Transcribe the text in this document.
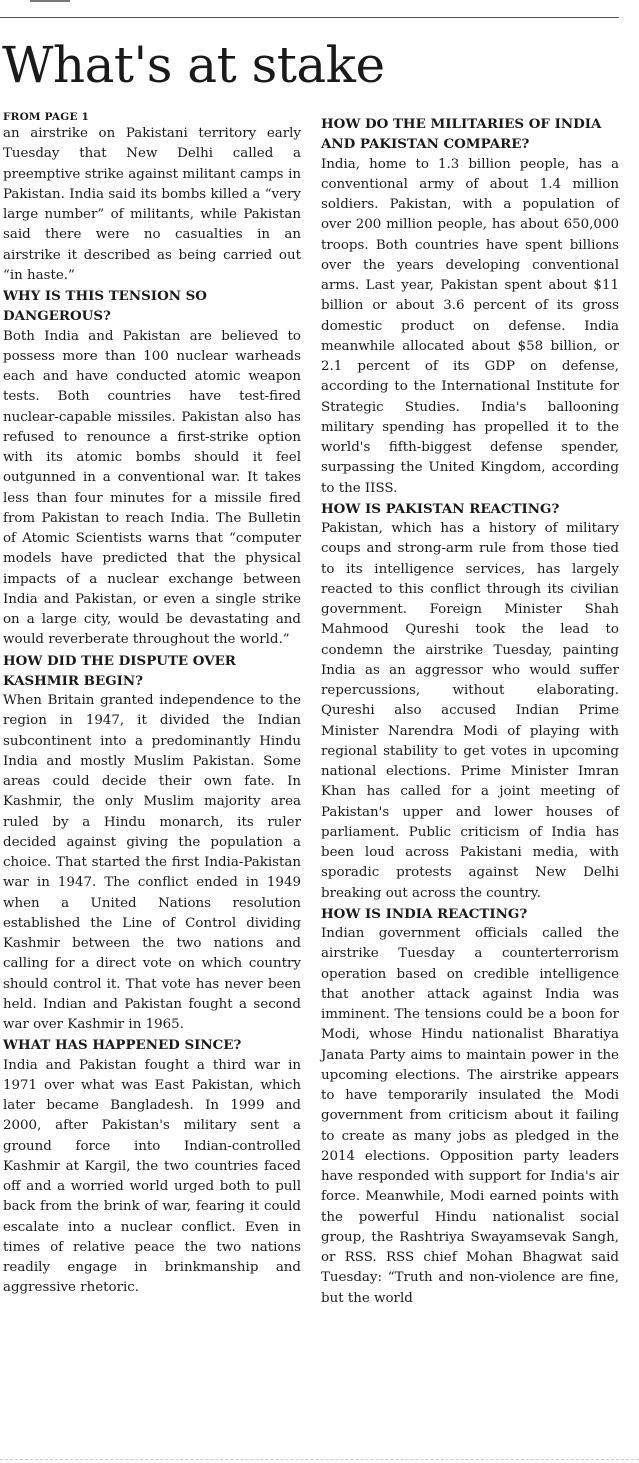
What's at stake

FROM PAGE 1

an airstrike on Pakistani territory early Tuesday that New Delhi called a preemptive strike against militant camps in Pakistan. India said its bombs killed a “very large number” of militants, while Pakistan said there were no casualties in an airstrike it described as being carried out “in haste.”

WHY IS THIS TENSION SO DANGEROUS?

Both India and Pakistan are believed to possess more than 100 nuclear warheads each and have conducted atomic weapon tests. Both countries have test-fired nuclear-capable missiles. Pakistan also has refused to renounce a first-strike option with its atomic bombs should it feel outgunned in a conventional war. It takes less than four minutes for a missile fired from Pakistan to reach India. The Bulletin of Atomic Scientists warns that “computer models have predicted that the physical impacts of a nuclear exchange between India and Pakistan, or even a single strike on a large city, would be devastating and would reverberate throughout the world.”

HOW DID THE DISPUTE OVER KASHMIR BEGIN?

When Britain granted independence to the region in 1947, it divided the Indian subcontinent into a predominantly Hindu India and mostly Muslim Pakistan. Some areas could decide their own fate. In Kashmir, the only Muslim majority area ruled by a Hindu monarch, its ruler decided against giving the population a choice. That started the first India-Pakistan war in 1947. The conflict ended in 1949 when a United Nations resolution established the Line of Control dividing Kashmir between the two nations and calling for a direct vote on which country should control it. That vote has never been held. Indian and Pakistan fought a second war over Kashmir in 1965.

WHAT HAS HAPPENED SINCE?

India and Pakistan fought a third war in 1971 over what was East Pakistan, which later became Bangladesh. In 1999 and 2000, after Pakistan's military sent a ground force into Indian-controlled Kashmir at Kargil, the two countries faced off and a worried world urged both to pull back from the brink of war, fearing it could escalate into a nuclear conflict. Even in times of relative peace the two nations readily engage in brinkmanship and aggressive rhetoric.

HOW DO THE MILITARIES OF INDIA AND PAKISTAN COMPARE?

India, home to 1.3 billion people, has a conventional army of about 1.4 million soldiers. Pakistan, with a population of over 200 million people, has about 650,000 troops. Both countries have spent billions over the years developing conventional arms. Last year, Pakistan spent about $11 billion or about 3.6 percent of its gross domestic product on defense. India meanwhile allocated about $58 billion, or 2.1 percent of its GDP on defense, according to the International Institute for Strategic Studies. India's ballooning military spending has propelled it to the world's fifth-biggest defense spender, surpassing the United Kingdom, according to the IISS.

HOW IS PAKISTAN REACTING?

Pakistan, which has a history of military coups and strong-arm rule from those tied to its intelligence services, has largely reacted to this conflict through its civilian government. Foreign Minister Shah Mahmood Qureshi took the lead to condemn the airstrike Tuesday, painting India as an aggressor who would suffer repercussions, without elaborating. Qureshi also accused Indian Prime Minister Narendra Modi of playing with regional stability to get votes in upcoming national elections. Prime Minister Imran Khan has called for a joint meeting of Pakistan's upper and lower houses of parliament. Public criticism of India has been loud across Pakistani media, with sporadic protests against New Delhi breaking out across the country.

HOW IS INDIA REACTING?

Indian government officials called the airstrike Tuesday a counterterrorism operation based on credible intelligence that another attack against India was imminent. The tensions could be a boon for Modi, whose Hindu nationalist Bharatiya Janata Party aims to maintain power in the upcoming elections. The airstrike appears to have temporarily insulated the Modi government from criticism about it failing to create as many jobs as pledged in the 2014 elections. Opposition party leaders have responded with support for India's air force. Meanwhile, Modi earned points with the powerful Hindu nationalist social group, the Rashtriya Swayamsevak Sangh, or RSS. RSS chief Mohan Bhagwat said Tuesday: “Truth and non-violence are fine, but the world
